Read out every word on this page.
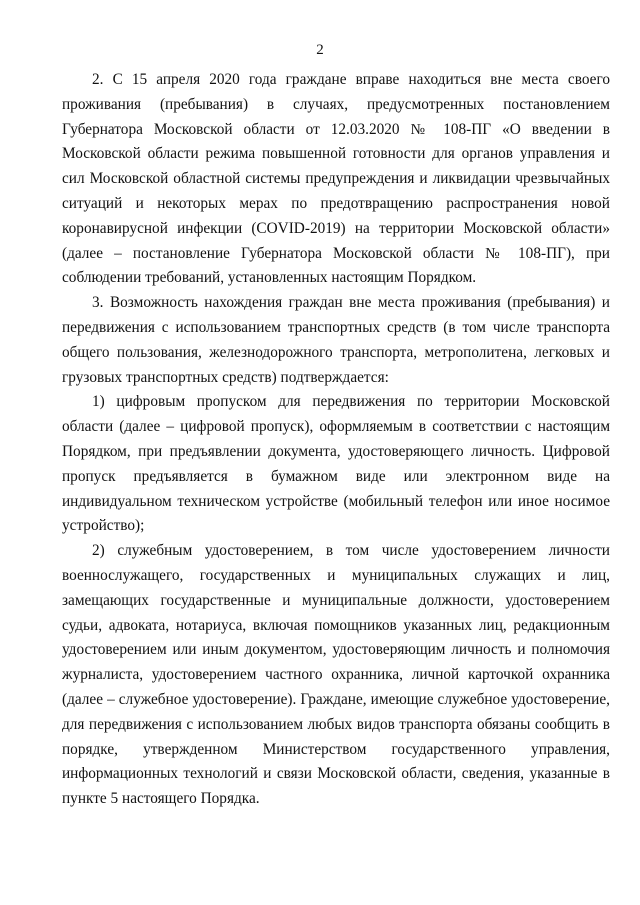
2

2. С 15 апреля 2020 года граждане вправе находиться вне места своего проживания (пребывания) в случаях, предусмотренных постановлением Губернатора Московской области от 12.03.2020 № 108-ПГ «О введении в Московской области режима повышенной готовности для органов управления и сил Московской областной системы предупреждения и ликвидации чрезвычайных ситуаций и некоторых мерах по предотвращению распространения новой коронавирусной инфекции (COVID-2019) на территории Московской области» (далее – постановление Губернатора Московской области № 108-ПГ), при соблюдении требований, установленных настоящим Порядком.

3. Возможность нахождения граждан вне места проживания (пребывания) и передвижения с использованием транспортных средств (в том числе транспорта общего пользования, железнодорожного транспорта, метрополитена, легковых и грузовых транспортных средств) подтверждается:

1) цифровым пропуском для передвижения по территории Московской области (далее – цифровой пропуск), оформляемым в соответствии с настоящим Порядком, при предъявлении документа, удостоверяющего личность. Цифровой пропуск предъявляется в бумажном виде или электронном виде на индивидуальном техническом устройстве (мобильный телефон или иное носимое устройство);

2) служебным удостоверением, в том числе удостоверением личности военнослужащего, государственных и муниципальных служащих и лиц, замещающих государственные и муниципальные должности, удостоверением судьи, адвоката, нотариуса, включая помощников указанных лиц, редакционным удостоверением или иным документом, удостоверяющим личность и полномочия журналиста, удостоверением частного охранника, личной карточкой охранника (далее – служебное удостоверение). Граждане, имеющие служебное удостоверение, для передвижения с использованием любых видов транспорта обязаны сообщить в порядке, утвержденном Министерством государственного управления, информационных технологий и связи Московской области, сведения, указанные в пункте 5 настоящего Порядка.
